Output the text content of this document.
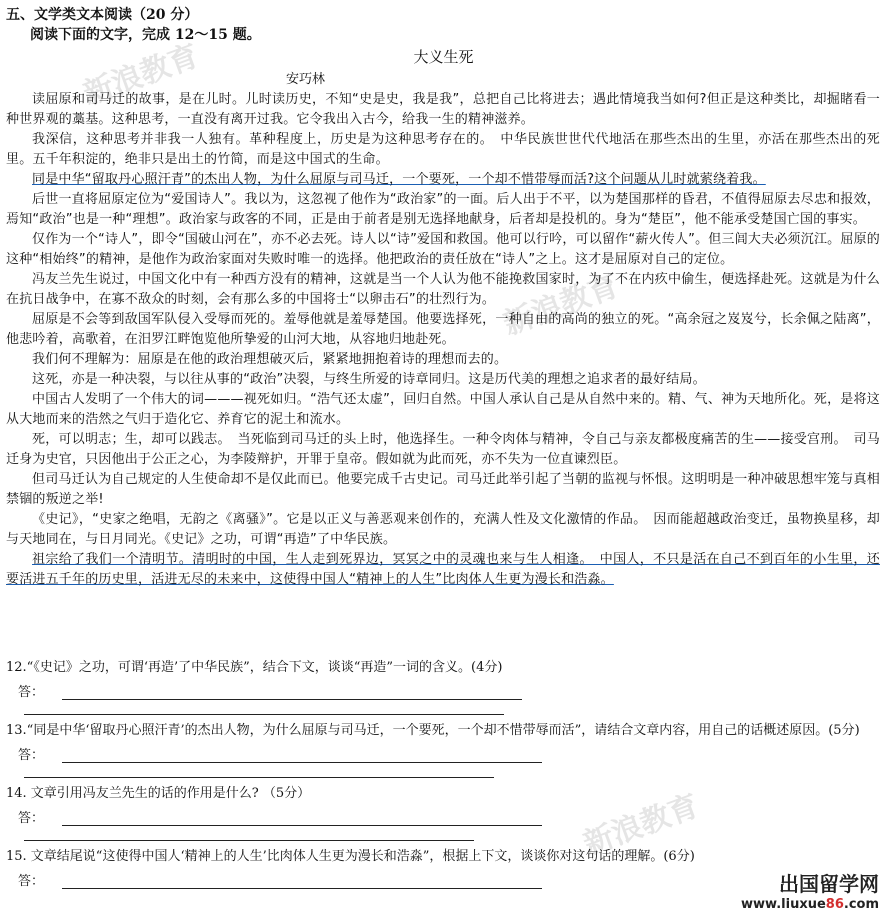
新浪教育
新浪教育
新浪教育
五、文学类文本阅读（20 分）
阅读下面的文字，完成 12～15 题。
大义生死
安巧林

读屈原和司马迁的故事，是在儿时。儿时读历史，不知“史是史，我是我”，总把自己比将进去；遇此情境我当如何?但正是这种类比，却掘睹看一种世界观的藁基。这种思考，一直没有离开过我。它令我出入古今，给我一生的精神滋养。

我深信，这种思考并非我一人独有。革种程度上，历史是为这种思考存在的。　中华民族世世代代地活在那些杰出的生里，亦活在那些杰出的死里。五千年积淀的，绝非只是出土的竹简，而是这中国式的生命。

同是中华“留取丹心照汗青”的杰出人物，为什么屈原与司马迁，一个要死，一个却不惜带辱而活?这个问题从儿时就萦绕着我。

后世一直将屈原定位为“爱国诗人”。我以为，这忽视了他作为“政治家”的一面。后人出于不平，以为楚国那样的昏君，不值得屈原去尽忠和报效，焉知“政治”也是一种“理想”。政治家与政客的不同，正是由于前者是别无选择地献身，后者却是投机的。身为“楚臣”，他不能承受楚国亡国的事实。

仅作为一个“诗人”，即令“国破山河在”，亦不必去死。诗人以“诗”爱国和救国。他可以行吟，可以留作“薪火传人”。但三闾大夫必须沉江。屈原的这种“相始终”的精神，是他作为政治家面对失败时唯一的选择。他把政治的责任放在“诗人”之上。这才是屈原对自己的定位。

冯友兰先生说过，中国文化中有一种西方没有的精神，这就是当一个人认为他不能挽救国家时，为了不在内疚中偷生，便选择赴死。这就是为什么在抗日战争中，在寡不敌众的时刻，会有那么多的中国将士“以卵击石”的壮烈行为。

屈原是不会等到敌国军队侵入受辱而死的。羞辱他就是羞辱楚国。他要选择死，一种自由的高尚的独立的死。“高余冠之岌岌兮，长余佩之陆离”，他悲吟着，高歌着，在汨罗江畔饱览他所挚爱的山河大地，从容地归地赴死。

我们何不理解为：屈原是在他的政治理想破灭后，紧紧地拥抱着诗的理想而去的。

这死，亦是一种决裂，与以往从事的“政治”决裂，与终生所爱的诗章同归。这是历代美的理想之追求者的最好结局。

中国古人发明了一个伟大的词———视死如归。“浩气还太虚”，回归自然。中国人承认自己是从自然中来的。精、气、神为天地所化。死，是将这从大地而来的浩然之气归于造化它、养育它的泥土和流水。

死，可以明志；生，却可以践志。　当死临到司马迁的头上时，他选择生。一种令肉体与精神，令自己与亲友都极度痛苦的生——接受宫刑。　司马迁身为史官，只因他出于公正之心，为李陵辩护，开罪于皇帝。假如就为此而死，亦不失为一位直谏烈臣。

但司马迁认为自己规定的人生使命却不是仅此而已。他要完成千古史记。司马迁此举引起了当朝的监视与怀恨。这明明是一种冲破思想牢笼与真相禁锢的叛逆之举!

《史记》，“史家之绝唱，无韵之《离骚》”。它是以正义与善恶观来创作的，充满人性及文化激情的作品。　因而能超越政治变迁，虽物换星移，却与天地同在，与日月同光。《史记》之功，可谓“再造”了中华民族。

祖宗给了我们一个清明节。清明时的中国，生人走到死界边，冥冥之中的灵魂也来与生人相逢。　中国人，不只是活在自己不到百年的小生里，还要活进五千年的历史里，活进无尽的未来中，这使得中国人“精神上的人生”比肉体人生更为漫长和浩淼。

12.“《史记》之功，可谓‘再造’了中华民族”，结合下文，谈谈“再造”一词的含义。(4分)

答：

13.“同是中华‘留取丹心照汗青’的杰出人物，为什么屈原与司马迁，一个要死，一个却不惜带辱而活”，请结合文章内容，用自己的话概述原因。(5分)

答：

14. 文章引用冯友兰先生的话的作用是什么? （5分）

答：

15. 文章结尾说“这使得中国人‘精神上的人生’比肉体人生更为漫长和浩淼”，根据上下文，谈谈你对这句话的理解。(6分)

答：	出国留学网
www.liuxue86.com
